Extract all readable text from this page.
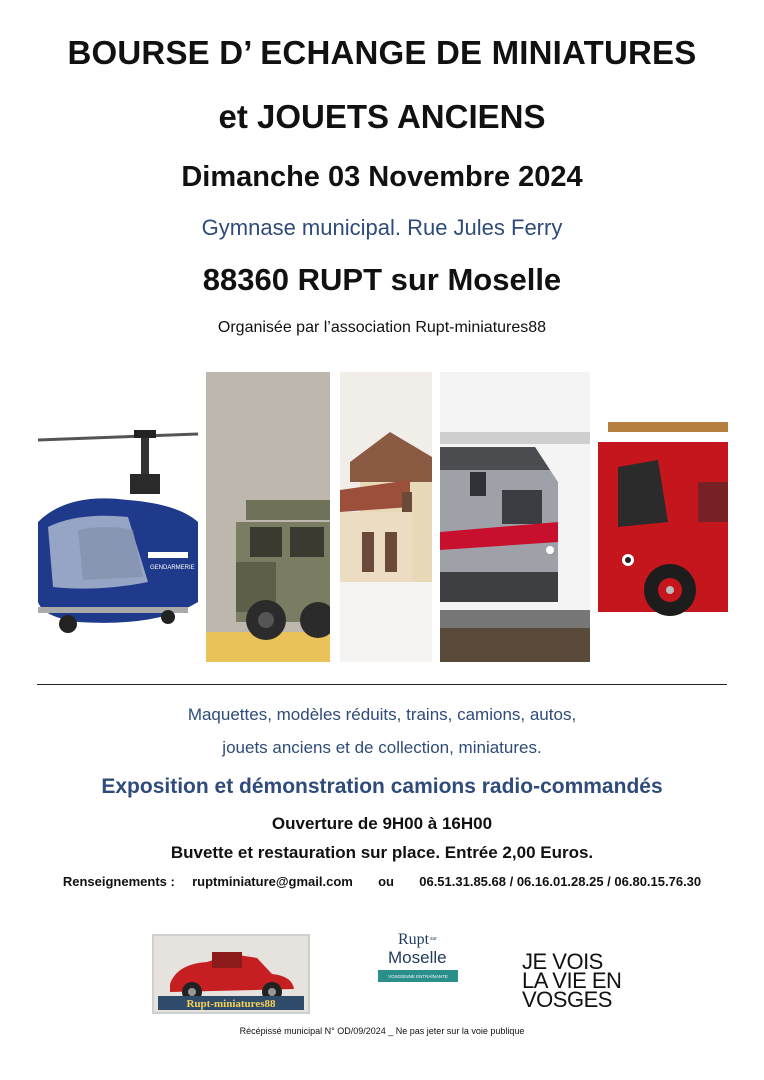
BOURSE D’ ECHANGE DE MINIATURES
et JOUETS ANCIENS
Dimanche 03 Novembre 2024
Gymnase municipal. Rue Jules Ferry
88360 RUPT sur Moselle
Organisée par l’association Rupt-miniatures88
GENDARMERIE
Maquettes, modèles réduits, trains, camions, autos,
jouets anciens et de collection, miniatures.
Exposition et démonstration camions radio-commandés
Ouverture de 9H00 à 16H00
Buvette et restauration sur place. Entrée 2,00 Euros.
Renseignements : ruptminiature@gmail.com ou 06.51.31.85.68 / 06.16.01.28.25 / 06.80.15.76.30
Rupt-miniatures88
Rupt sur
Moselle
VOSGIENNE ENTRAÎNANTE
JE VOIS
LA VIE EN
VOSGES
Récépissé municipal N° OD/09/2024 _ Ne pas jeter sur la voie publique
